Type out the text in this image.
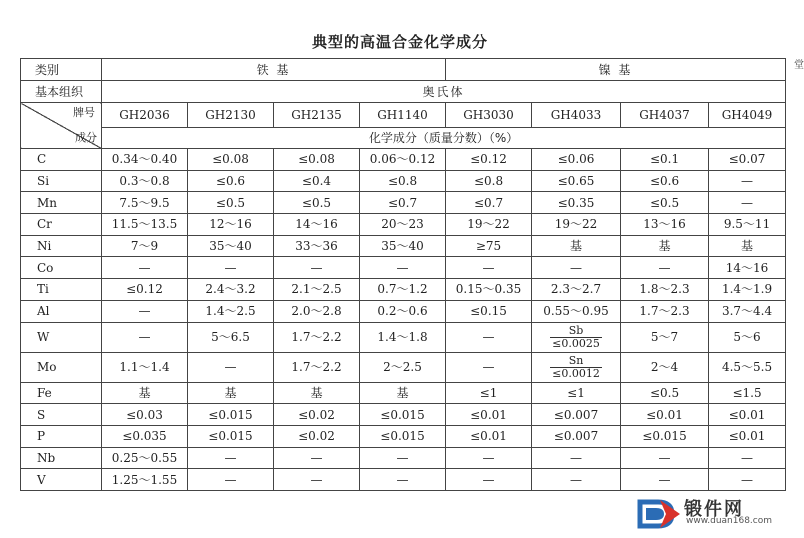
典型的高温合金化学成分
类别	铁 基				镍 基			
基本组织	奥氏体							

牌号
成分	GH2036	GH2130	GH2135	GH1140	GH3030	GH4033	GH4037	GH4049
	化学成分（质量分数）（%）							
C	0.34～0.40	≤0.08	≤0.08	0.06～0.12	≤0.12	≤0.06	≤0.1	≤0.07
Si	0.3～0.8	≤0.6	≤0.4	≤0.8	≤0.8	≤0.65	≤0.6	—
Mn	7.5～9.5	≤0.5	≤0.5	≤0.7	≤0.7	≤0.35	≤0.5	—
Cr	11.5～13.5	12～16	14～16	20～23	19～22	19～22	13～16	9.5～11
Ni	7～9	35～40	33～36	35～40	≥75	基	基	基
Co	—	—	—	—	—	—	—	14～16
Ti	≤0.12	2.4～3.2	2.1～2.5	0.7～1.2	0.15～0.35	2.3～2.7	1.8～2.3	1.4～1.9
Al	—	1.4～2.5	2.0～2.8	0.2～0.6	≤0.15	0.55～0.95	1.7～2.3	3.7～4.4
W	—	5～6.5	1.7～2.2	1.4～1.8	—	$\frac{Sb}{\le 0.0025}$	5～7	5～6
Mo	1.1～1.4	—	1.7～2.2	2～2.5	—	$\frac{Sn}{\le 0.0012}$	2～4	4.5～5.5
Fe	基	基	基	基	≤1	≤1	≤0.5	≤1.5
S	≤0.03	≤0.015	≤0.02	≤0.015	≤0.01	≤0.007	≤0.01	≤0.01
P	≤0.035	≤0.015	≤0.02	≤0.015	≤0.01	≤0.007	≤0.015	≤0.01
Nb	0.25～0.55	—	—	—	—	—	—	—
V	1.25～1.55	—	—	—	—	—	—	—
锻件网
www.duan168.com
堂
